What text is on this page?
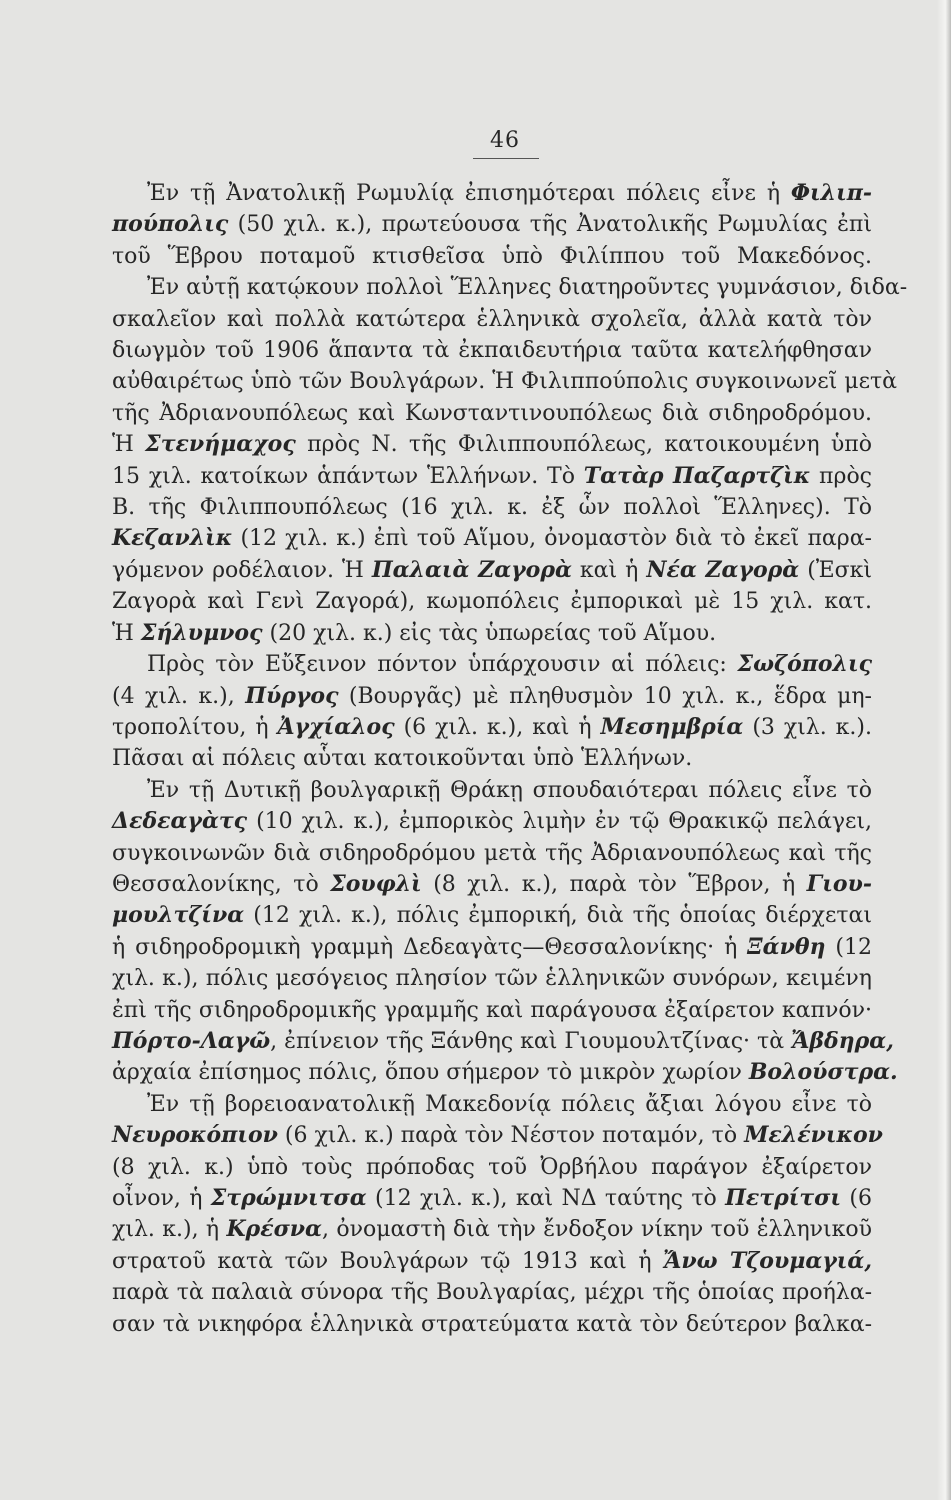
46
Ἐν τῇ Ἀνατολικῇ Ρωμυλίᾳ ἐπισημότεραι πόλεις εἶνε ἡ Φιλιπ-
πούπολις (50 χιλ. κ.), πρωτεύουσα τῆς Ἀνατολικῆς Ρωμυλίας ἐπὶ
τοῦ Ἕβρου ποταμοῦ κτισθεῖσα ὑπὸ Φιλίππου τοῦ Μακεδόνος.
Ἐν αὐτῇ κατῴκουν πολλοὶ Ἕλληνες διατηροῦντες γυμνάσιον, διδα-
σκαλεῖον καὶ πολλὰ κατώτερα ἑλληνικὰ σχολεῖα, ἀλλὰ κατὰ τὸν
διωγμὸν τοῦ 1906 ἅπαντα τὰ ἐκπαιδευτήρια ταῦτα κατελήφθησαν
αὐθαιρέτως ὑπὸ τῶν Βουλγάρων. Ἡ Φιλιππούπολις συγκοινωνεῖ μετὰ
τῆς Ἀδριανουπόλεως καὶ Κωνσταντινουπόλεως διὰ σιδηροδρόμου.
Ἡ Στενήμαχος πρὸς Ν. τῆς Φιλιππουπόλεως, κατοικουμένη ὑπὸ
15 χιλ. κατοίκων ἁπάντων Ἑλλήνων. Τὸ Τατὰρ Παζαρτζὶκ πρὸς
Β. τῆς Φιλιππουπόλεως (16 χιλ. κ. ἐξ ὧν πολλοὶ Ἕλληνες). Τὸ
Κεζανλὶκ (12 χιλ. κ.) ἐπὶ τοῦ Αἵμου, ὀνομαστὸν διὰ τὸ ἐκεῖ παρα-
γόμενον ροδέλαιον. Ἡ Παλαιὰ Ζαγορὰ καὶ ἡ Νέα Ζαγορὰ (Ἐσκὶ
Ζαγορὰ καὶ Γενὶ Ζαγορά), κωμοπόλεις ἐμπορικαὶ μὲ 15 χιλ. κατ.
Ἡ Σήλυμνος (20 χιλ. κ.) εἰς τὰς ὑπωρείας τοῦ Αἵμου.
Πρὸς τὸν Εὔξεινον πόντον ὑπάρχουσιν αἱ πόλεις: Σωζόπολις
(4 χιλ. κ.), Πύργος (Βουργᾶς) μὲ πληθυσμὸν 10 χιλ. κ., ἕδρα μη-
τροπολίτου, ἡ Ἀγχίαλος (6 χιλ. κ.), καὶ ἡ Μεσημβρία (3 χιλ. κ.).
Πᾶσαι αἱ πόλεις αὗται κατοικοῦνται ὑπὸ Ἑλλήνων.
Ἐν τῇ Δυτικῇ βουλγαρικῇ Θράκῃ σπουδαιότεραι πόλεις εἶνε τὸ
Δεδεαγὰτς (10 χιλ. κ.), ἐμπορικὸς λιμὴν ἐν τῷ Θρακικῷ πελάγει,
συγκοινωνῶν διὰ σιδηροδρόμου μετὰ τῆς Ἀδριανουπόλεως καὶ τῆς
Θεσσαλονίκης, τὸ Σουφλὶ (8 χιλ. κ.), παρὰ τὸν Ἕβρον, ἡ Γιου-
μουλτζίνα (12 χιλ. κ.), πόλις ἐμπορική, διὰ τῆς ὁποίας διέρχεται
ἡ σιδηροδρομικὴ γραμμὴ Δεδεαγὰτς—Θεσσαλονίκης· ἡ Ξάνθη (12
χιλ. κ.), πόλις μεσόγειος πλησίον τῶν ἑλληνικῶν συνόρων, κειμένη
ἐπὶ τῆς σιδηροδρομικῆς γραμμῆς καὶ παράγουσα ἐξαίρετον καπνόν·
Πόρτο-Λαγῶ, ἐπίνειον τῆς Ξάνθης καὶ Γιουμουλτζίνας· τὰ Ἄβδηρα,
ἀρχαία ἐπίσημος πόλις, ὅπου σήμερον τὸ μικρὸν χωρίον Βολούστρα.
Ἐν τῇ βορειοανατολικῇ Μακεδονίᾳ πόλεις ἄξιαι λόγου εἶνε τὸ
Νευροκόπιον (6 χιλ. κ.) παρὰ τὸν Νέστον ποταμόν, τὸ Μελένικον
(8 χιλ. κ.) ὑπὸ τοὺς πρόποδας τοῦ Ὀρβήλου παράγον ἐξαίρετον
οἶνον, ἡ Στρώμνιτσα (12 χιλ. κ.), καὶ ΝΔ ταύτης τὸ Πετρίτσι (6
χιλ. κ.), ἡ Κρέσνα, ὀνομαστὴ διὰ τὴν ἔνδοξον νίκην τοῦ ἑλληνικοῦ
στρατοῦ κατὰ τῶν Βουλγάρων τῷ 1913 καὶ ἡ Ἄνω Τζουμαγιά,
παρὰ τὰ παλαιὰ σύνορα τῆς Βουλγαρίας, μέχρι τῆς ὁποίας προήλα-
σαν τὰ νικηφόρα ἑλληνικὰ στρατεύματα κατὰ τὸν δεύτερον βαλκα-
